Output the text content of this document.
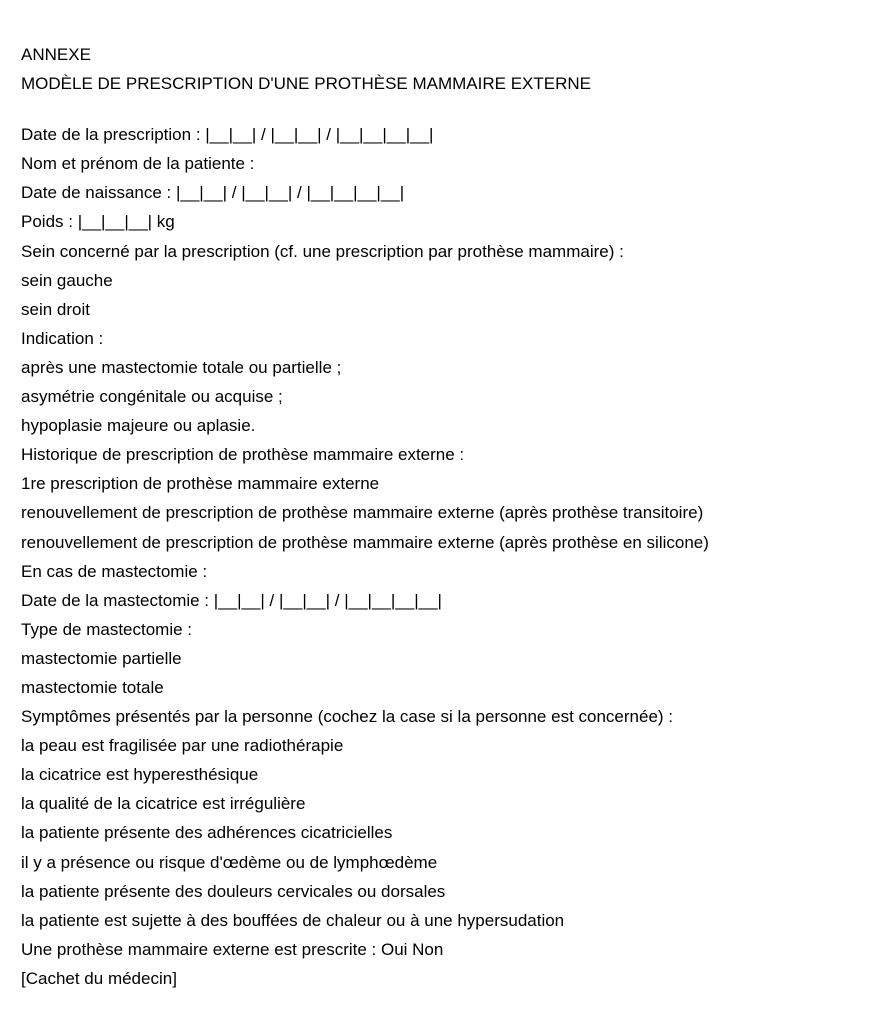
ANNEXE
MODÈLE DE PRESCRIPTION D'UNE PROTHÈSE MAMMAIRE EXTERNE
Date de la prescription : |__|__| / |__|__| / |__|__|__|__|
Nom et prénom de la patiente :
Date de naissance : |__|__| / |__|__| / |__|__|__|__|
Poids : |__|__|__| kg
Sein concerné par la prescription (cf. une prescription par prothèse mammaire) :
sein gauche
sein droit
Indication :
après une mastectomie totale ou partielle ;
asymétrie congénitale ou acquise ;
hypoplasie majeure ou aplasie.
Historique de prescription de prothèse mammaire externe :
1re prescription de prothèse mammaire externe
renouvellement de prescription de prothèse mammaire externe (après prothèse transitoire)
renouvellement de prescription de prothèse mammaire externe (après prothèse en silicone)
En cas de mastectomie :
Date de la mastectomie : |__|__| / |__|__| / |__|__|__|__|
Type de mastectomie :
mastectomie partielle
mastectomie totale
Symptômes présentés par la personne (cochez la case si la personne est concernée) :
la peau est fragilisée par une radiothérapie
la cicatrice est hyperesthésique
la qualité de la cicatrice est irrégulière
la patiente présente des adhérences cicatricielles
il y a présence ou risque d'œdème ou de lymphœdème
la patiente présente des douleurs cervicales ou dorsales
la patiente est sujette à des bouffées de chaleur ou à une hypersudation
Une prothèse mammaire externe est prescrite : Oui Non
[Cachet du médecin]
